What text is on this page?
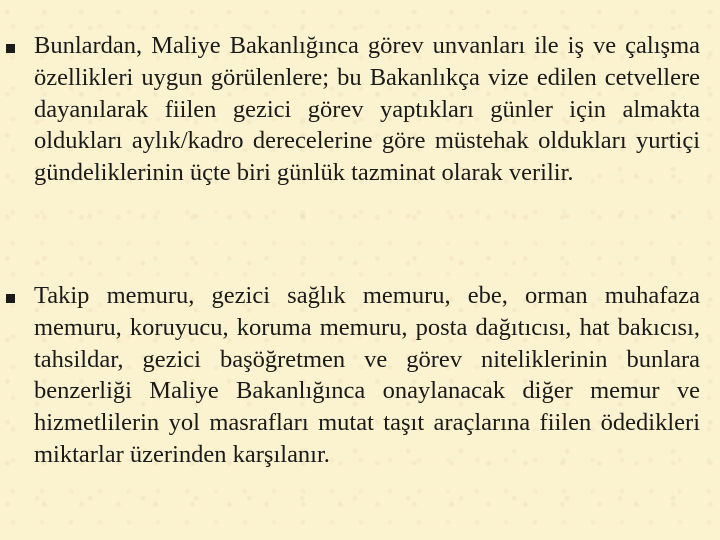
Bunlardan, Maliye Bakanlığınca görev unvanları ile iş ve çalışma özellikleri uygun görülenlere; bu Bakanlıkça vize edilen cetvellere dayanılarak fiilen gezici görev yaptıkları günler için almakta oldukları aylık/kadro derecelerine göre müstehak oldukları yurtiçi gündeliklerinin üçte biri günlük tazminat olarak verilir.

Takip memuru, gezici sağlık memuru, ebe, orman muhafaza memuru, koruyucu, koruma memuru, posta dağıtıcısı, hat bakıcısı, tahsildar, gezici başöğretmen ve görev niteliklerinin bunlara benzerliği Maliye Bakanlığınca onaylanacak diğer memur ve hizmetlilerin yol masrafları mutat taşıt araçlarına fiilen ödedikleri miktarlar üzerinden karşılanır.
